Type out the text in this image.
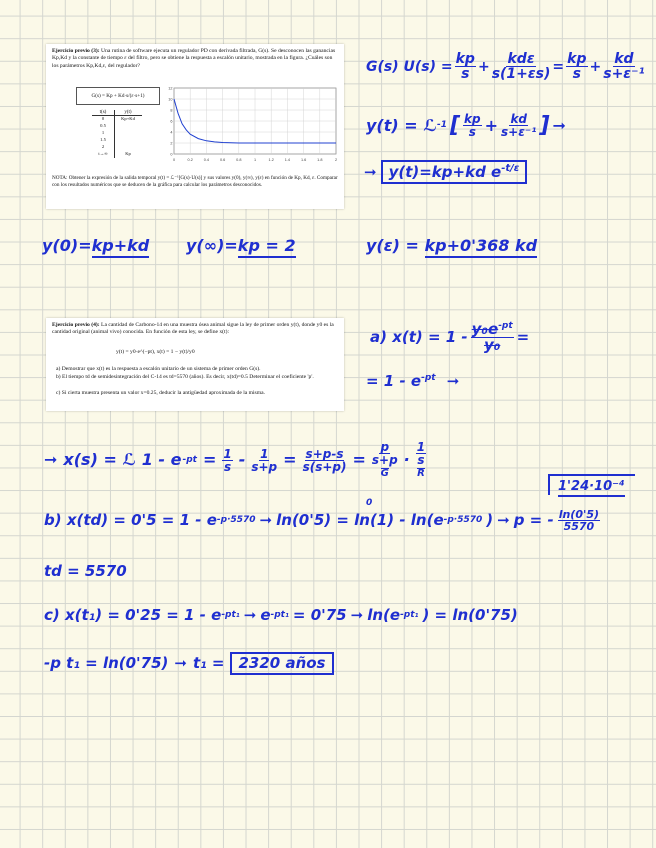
Ejercicio previo (3): Una rutina de software ejecuta un regulador PD con derivada filtrada, G(s). Se desconocen las ganancias Kp,Kd y la constante de tiempo ε del filtro, pero se obtiene la respuesta a escalón unitario, mostrada en la figura. ¿Cuáles son los parámetros Kp,Kd,ε, del regulador?

G(s) = Kp + Kd·s/(ε·s+1)
t(s)	y(t)
0	Kp+Kd
0.5
1
1.5
2
t→∞	Kp
0	0.2	0.4	0.6	0.8	1	1.2	1.4	1.6	1.8	2
12
10
8
6
4
2
0

NOTA: Obtener la expresión de la salida temporal y(t) = ℒ⁻¹[G(s)·U(s)] y sus valores y(0), y(∞), y(ε) en función de Kp, Kd, ε. Comparar con los resultados numéricos que se deducen de la gráfica para calcular los parámetros desconocidos.

Ejercicio previo (4): La cantidad de Carbono-14 en una muestra ósea animal sigue la ley de primer orden y(t), donde y0 es la cantidad original (animal vivo) conocida. En función de esta ley, se define x(t):

y(t) = y0·e^(−pt), x(t) = 1 − y(t)/y0

a) Demostrar que x(t) es la respuesta a escalón unitario de un sistema de primer orden G(s).

b) El tiempo td de semidesintegración del C-14 es td=5570 (años). Es decir, x(td)=0.5 Determinar el coeficiente 'p'.

c) Si cierta muestra presenta un valor x=0.25, deducir la antigüedad aproximada de la misma.

G(s) $U(s) = \frac{kp}{s} + \frac{\text{kdε}}{s(1+\varepsilon s)} = \frac{kp}{s} + \frac{kd}{\text{s+ε⁻¹}}$
y(t) = ℒ -1 [ $\frac{kp}{s} + \frac{kd}{\text{s+ε⁻¹}}$ ] ➞
➞ y(t)=kp+kd $e^{-t/\varepsilon}$
y(0)=kp+kd y(∞)=kp = 2	y(ε) = kp+0'368 kd
a) $x(t) = 1 - \frac{y_0e^{-pt}}{\text{y₀}}$ =
= $1 - e^{-pt}$ ➞
➞ x(s) = ℒ 1 - e $-pt = \frac{1}{s} - \frac{1}{s+p} = \frac{s+p-s}{s(s+p)} = \frac{p}{s+p}$
G
· $\frac{1}{s}$
R
1'24·10⁻⁴
b) x(td) = 0'5 = 1 - e -p·5570 ➞ ln(0'5) = ln(1) - ln(e -p·5570 ) ➞ p = - $\frac{\ln(0'5)}{5570}$
0
td = 5570
c) x(t₁) = 0'25 = 1 - e -pt₁ ➞ e -pt₁ = 0'75 ➞ ln(e -pt₁ ) = ln(0'75)
-p t₁ = ln(0'75) ➞ t₁ = 2320 años
